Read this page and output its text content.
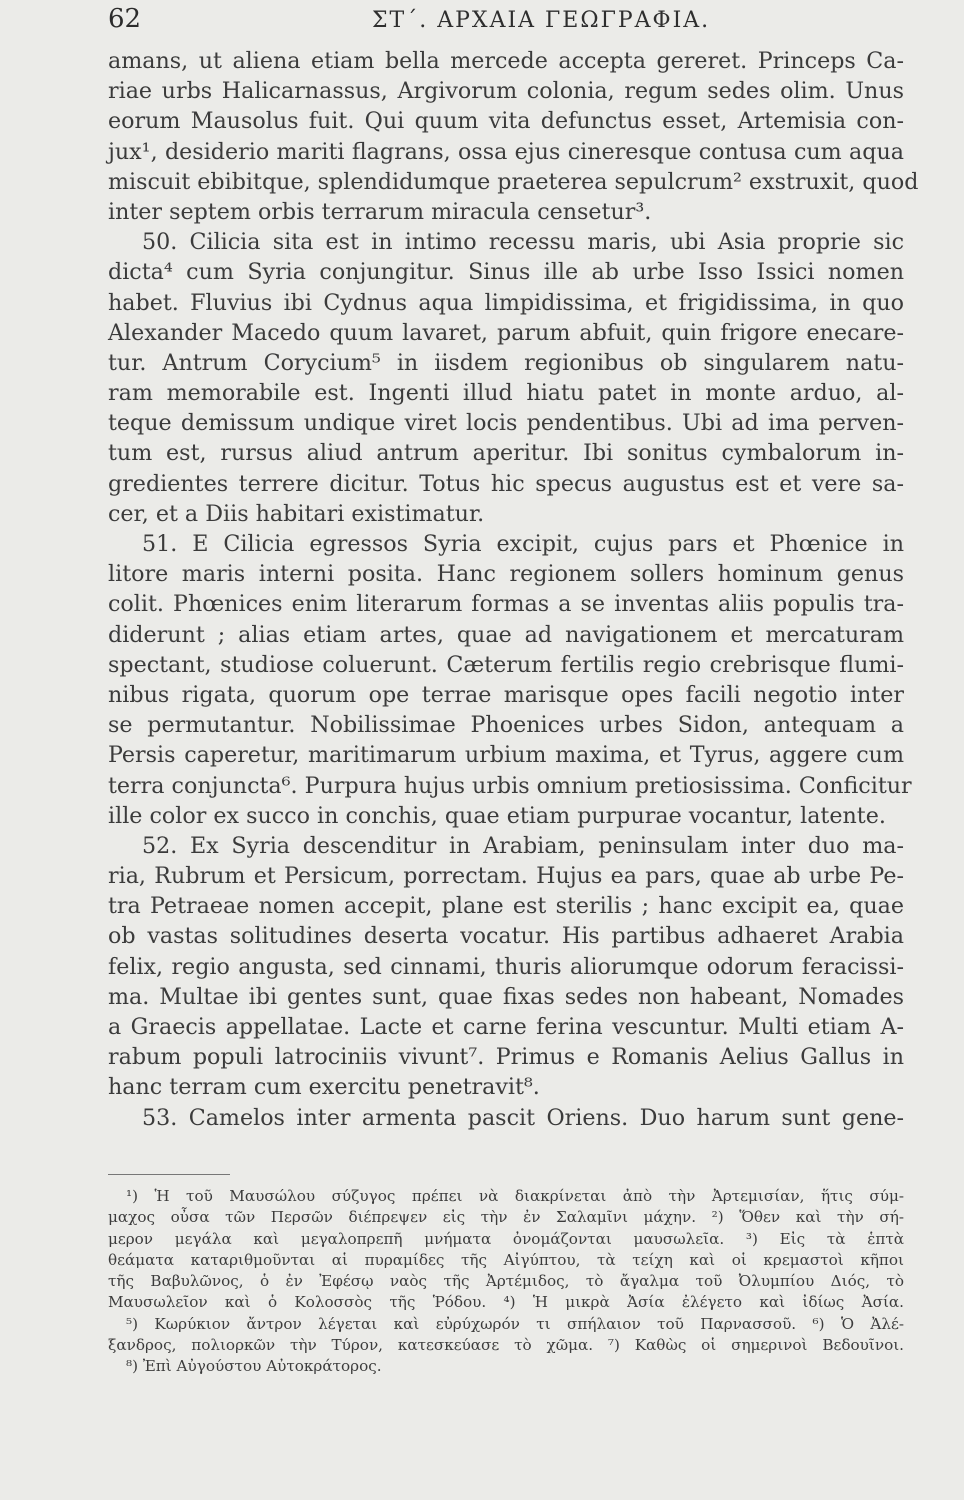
62	ΣΤ΄. ΑΡΧΑΙΑ ΓΕΩΓΡΑΦΙΑ.
amans, ut aliena etiam bella mercede accepta gereret. Princeps Ca-
riae urbs Halicarnassus, Argivorum colonia, regum sedes olim. Unus
eorum Mausolus fuit. Qui quum vita defunctus esset, Artemisia con-
jux¹, desiderio mariti flagrans, ossa ejus cineresque contusa cum aqua
miscuit ebibitque, splendidumque praeterea sepulcrum² exstruxit, quod
inter septem orbis terrarum miracula censetur³.
50. Cilicia sita est in intimo recessu maris, ubi Asia proprie sic
dicta⁴ cum Syria conjungitur. Sinus ille ab urbe Isso Issici nomen
habet. Fluvius ibi Cydnus aqua limpidissima, et frigidissima, in quo
Alexander Macedo quum lavaret, parum abfuit, quin frigore enecare-
tur. Antrum Corycium⁵ in iisdem regionibus ob singularem natu-
ram memorabile est. Ingenti illud hiatu patet in monte arduo, al-
teque demissum undique viret locis pendentibus. Ubi ad ima perven-
tum est, rursus aliud antrum aperitur. Ibi sonitus cymbalorum in-
gredientes terrere dicitur. Totus hic specus augustus est et vere sa-
cer, et a Diis habitari existimatur.
51. E Cilicia egressos Syria excipit, cujus pars et Phœnice in
litore maris interni posita. Hanc regionem sollers hominum genus
colit. Phœnices enim literarum formas a se inventas aliis populis tra-
diderunt ; alias etiam artes, quae ad navigationem et mercaturam
spectant, studiose coluerunt. Cæterum fertilis regio crebrisque flumi-
nibus rigata, quorum ope terrae marisque opes facili negotio inter
se permutantur. Nobilissimae Phoenices urbes Sidon, antequam a
Persis caperetur, maritimarum urbium maxima, et Tyrus, aggere cum
terra conjuncta⁶. Purpura hujus urbis omnium pretiosissima. Conficitur
ille color ex succo in conchis, quae etiam purpurae vocantur, latente.
52. Ex Syria descenditur in Arabiam, peninsulam inter duo ma-
ria, Rubrum et Persicum, porrectam. Hujus ea pars, quae ab urbe Pe-
tra Petraeae nomen accepit, plane est sterilis ; hanc excipit ea, quae
ob vastas solitudines deserta vocatur. His partibus adhaeret Arabia
felix, regio angusta, sed cinnami, thuris aliorumque odorum feracissi-
ma. Multae ibi gentes sunt, quae fixas sedes non habeant, Nomades
a Graecis appellatae. Lacte et carne ferina vescuntur. Multi etiam A-
rabum populi latrociniis vivunt⁷. Primus e Romanis Aelius Gallus in
hanc terram cum exercitu penetravit⁸.
53. Camelos inter armenta pascit Oriens. Duo harum sunt gene-
¹) Ἡ τοῦ Μαυσώλου σύζυγος πρέπει νὰ διακρίνεται ἀπὸ τὴν Ἀρτεμισίαν, ἥτις σύμ-
μαχος οὖσα τῶν Περσῶν διέπρεψεν εἰς τὴν ἐν Σαλαμῖνι μάχην. ²) Ὅθεν καὶ τὴν σή-
μερον μεγάλα καὶ μεγαλοπρεπῆ μνήματα ὀνομάζονται μαυσωλεῖα. ³) Εἰς τὰ ἑπτὰ
θεάματα καταριθμοῦνται αἱ πυραμίδες τῆς Αἰγύπτου, τὰ τείχη καὶ οἱ κρεμαστοὶ κῆποι
τῆς Βαβυλῶνος, ὁ ἐν Ἐφέσῳ ναὸς τῆς Ἀρτέμιδος, τὸ ἄγαλμα τοῦ Ὀλυμπίου Διός, τὸ
Μαυσωλεῖον καὶ ὁ Κολοσσὸς τῆς Ῥόδου. ⁴) Ἡ μικρὰ Ἀσία ἐλέγετο καὶ ἰδίως Ἀσία.
⁵) Κωρύκιον ἄντρον λέγεται καὶ εὐρύχωρόν τι σπήλαιον τοῦ Παρνασσοῦ. ⁶) Ὁ Ἀλέ-
ξανδρος, πολιορκῶν τὴν Τύρον, κατεσκεύασε τὸ χῶμα. ⁷) Καθὼς οἱ σημερινοὶ Βεδουῖνοι.
⁸) Ἐπὶ Αὐγούστου Αὐτοκράτορος.
